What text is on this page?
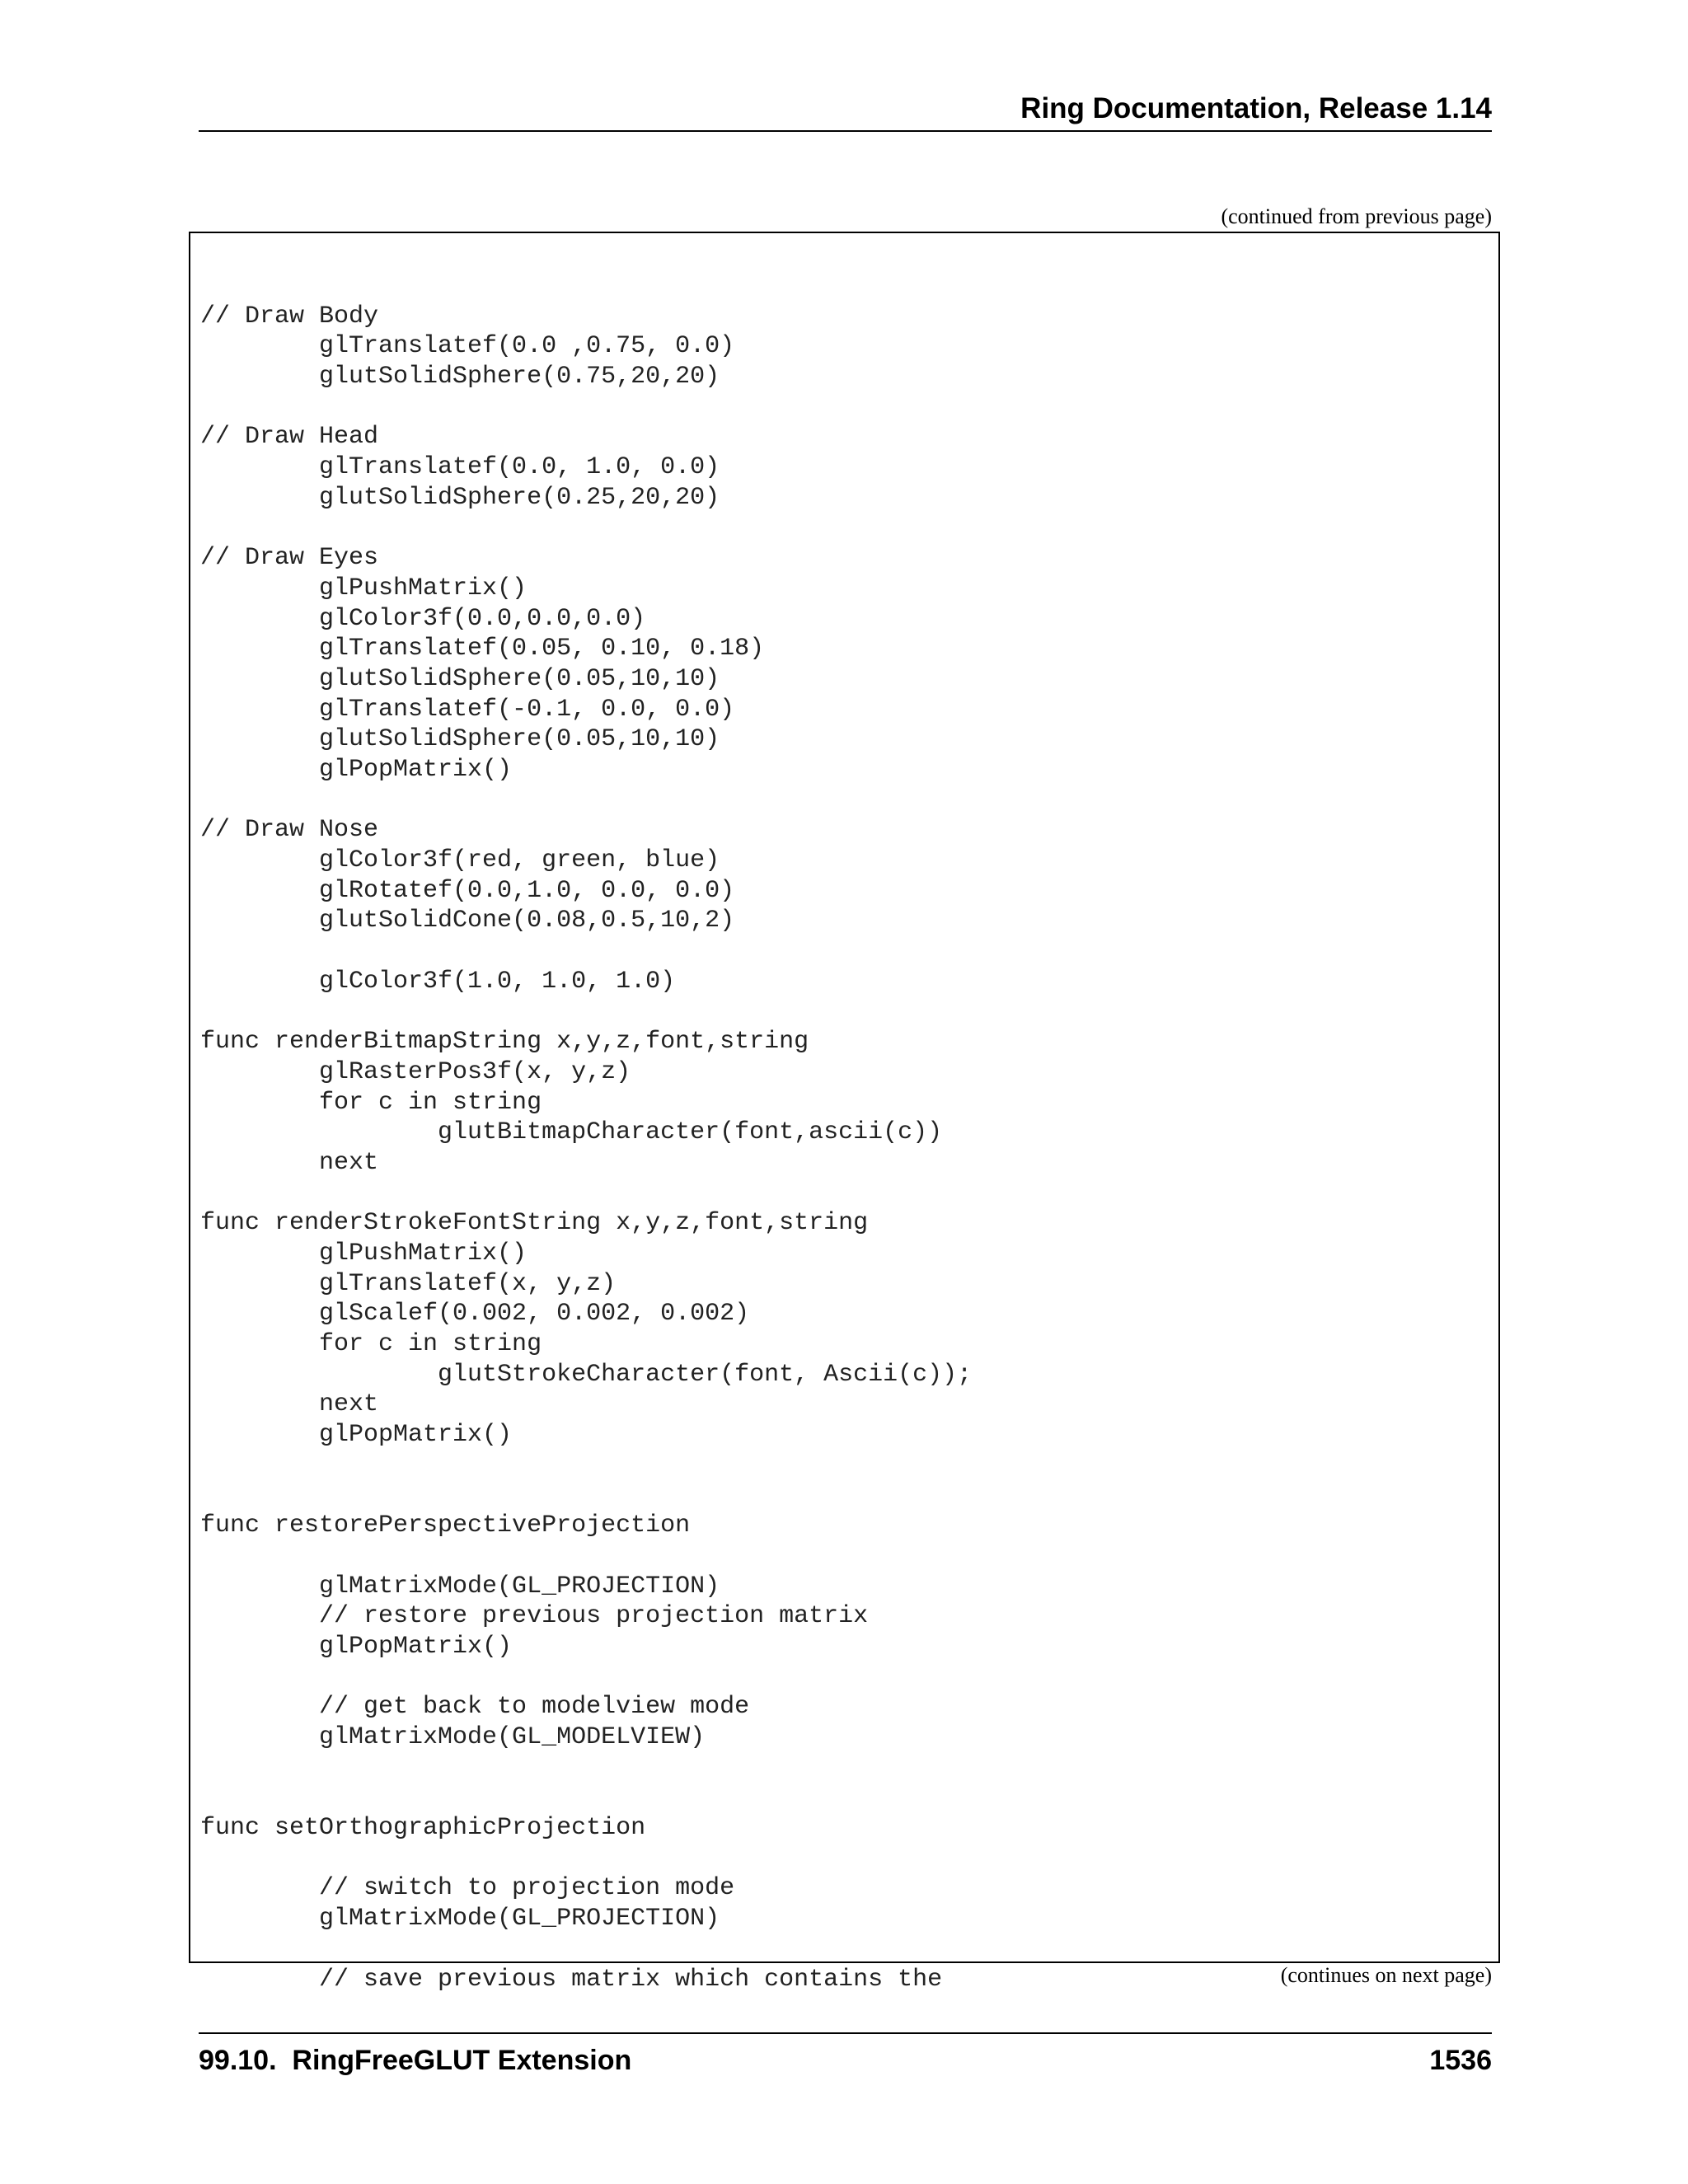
Ring Documentation, Release 1.14
(continued from previous page)
// Draw Body
glTranslatef(0.0 ,0.75, 0.0)
glutSolidSphere(0.75,20,20)
// Draw Head
glTranslatef(0.0, 1.0, 0.0)
glutSolidSphere(0.25,20,20)
// Draw Eyes
glPushMatrix()
glColor3f(0.0,0.0,0.0)
glTranslatef(0.05, 0.10, 0.18)
glutSolidSphere(0.05,10,10)
glTranslatef(-0.1, 0.0, 0.0)
glutSolidSphere(0.05,10,10)
glPopMatrix()
// Draw Nose
glColor3f(red, green, blue)
glRotatef(0.0,1.0, 0.0, 0.0)
glutSolidCone(0.08,0.5,10,2)
glColor3f(1.0, 1.0, 1.0)
func renderBitmapString x,y,z,font,string
glRasterPos3f(x, y,z)
for c in string
glutBitmapCharacter(font,ascii(c))
next
func renderStrokeFontString x,y,z,font,string
glPushMatrix()
glTranslatef(x, y,z)
glScalef(0.002, 0.002, 0.002)
for c in string
glutStrokeCharacter(font, Ascii(c));
next
glPopMatrix()
func restorePerspectiveProjection
glMatrixMode(GL_PROJECTION)
// restore previous projection matrix
glPopMatrix()
// get back to modelview mode
glMatrixMode(GL_MODELVIEW)
func setOrthographicProjection
// switch to projection mode
glMatrixMode(GL_PROJECTION)
// save previous matrix which contains the	(continues on next page)
99.10.  RingFreeGLUT Extension	1536
